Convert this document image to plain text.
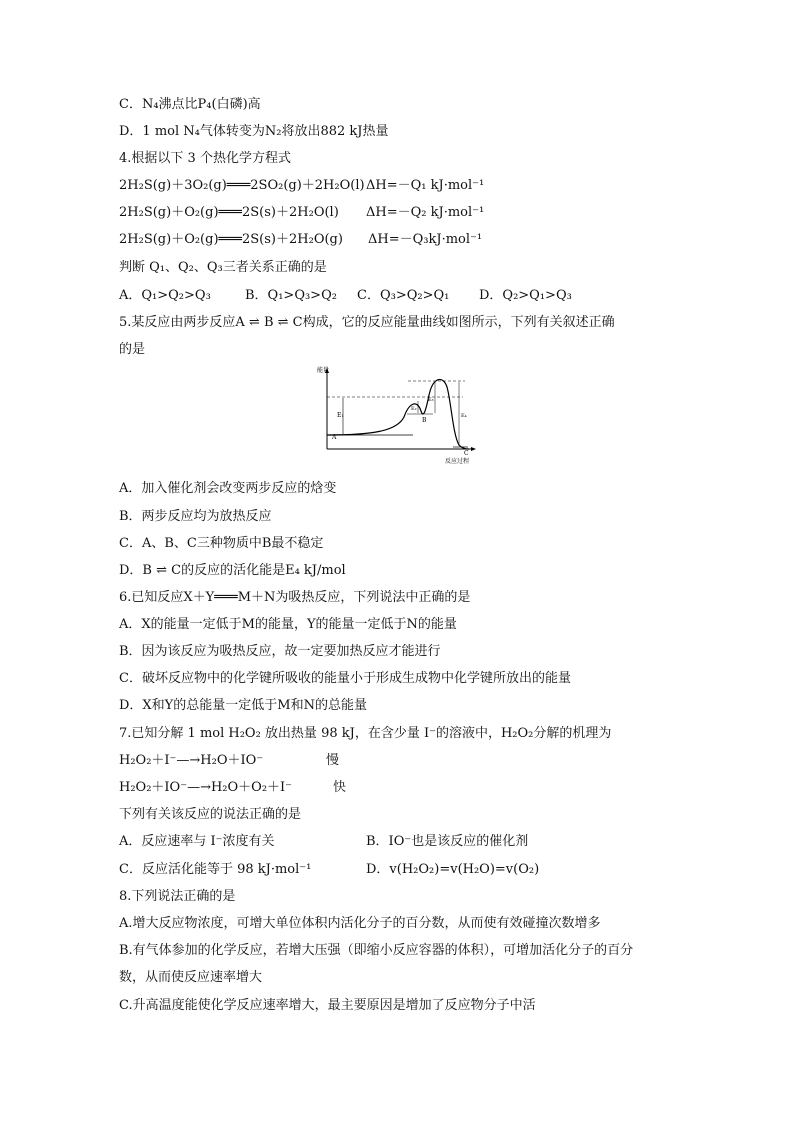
C．N₄沸点比P₄(白磷)高
D．1 mol N₄气体转变为N₂将放出882 kJ热量
4.根据以下 3 个热化学方程式
2H₂S(g)＋3O₂(g)═══2SO₂(g)＋2H₂O(l) ΔH=－Q₁ kJ·mol⁻¹
2H₂S(g)＋O₂(g)═══2S(s)＋2H₂O(l) ΔH=－Q₂ kJ·mol⁻¹
2H₂S(g)＋O₂(g)═══2S(s)＋2H₂O(g) ΔH=－Q₃kJ·mol⁻¹
判断 Q₁、Q₂、Q₃三者关系正确的是
A．Q₁>Q₂>Q₃	B．Q₁>Q₃>Q₂ C．Q₃>Q₂>Q₁ D．Q₂>Q₁>Q₃
5.某反应由两步反应A ⇌ B ⇌ C构成，它的反应能量曲线如图所示，下列有关叙述正确
的是
能量
反应过程
A
B
C
E₁
E₂
E₃
E₄
A．加入催化剂会改变两步反应的焓变
B．两步反应均为放热反应
C．A、B、C三种物质中B最不稳定
D．B ⇌ C的反应的活化能是E₄ kJ/mol
6.已知反应X＋Y═══M＋N为吸热反应，下列说法中正确的是
A．X的能量一定低于M的能量，Y的能量一定低于N的能量
B．因为该反应为吸热反应，故一定要加热反应才能进行
C．破坏反应物中的化学键所吸收的能量小于形成生成物中化学键所放出的能量
D．X和Y的总能量一定低于M和N的总能量
7.已知分解 1 mol H₂O₂ 放出热量 98 kJ，在含少量 I⁻的溶液中，H₂O₂分解的机理为
H₂O₂＋I⁻—→H₂O＋IO⁻	慢
H₂O₂＋IO⁻—→H₂O＋O₂＋I⁻	快
下列有关该反应的说法正确的是
A．反应速率与 I⁻浓度有关	B．IO⁻也是该反应的催化剂
C．反应活化能等于 98 kJ·mol⁻¹	D．v(H₂O₂)=v(H₂O)=v(O₂)
8.下列说法正确的是
A.增大反应物浓度，可增大单位体积内活化分子的百分数，从而使有效碰撞次数增多
B.有气体参加的化学反应，若增大压强（即缩小反应容器的体积），可增加活化分子的百分
数，从而使反应速率增大
C.升高温度能使化学反应速率增大，最主要原因是增加了反应物分子中活
